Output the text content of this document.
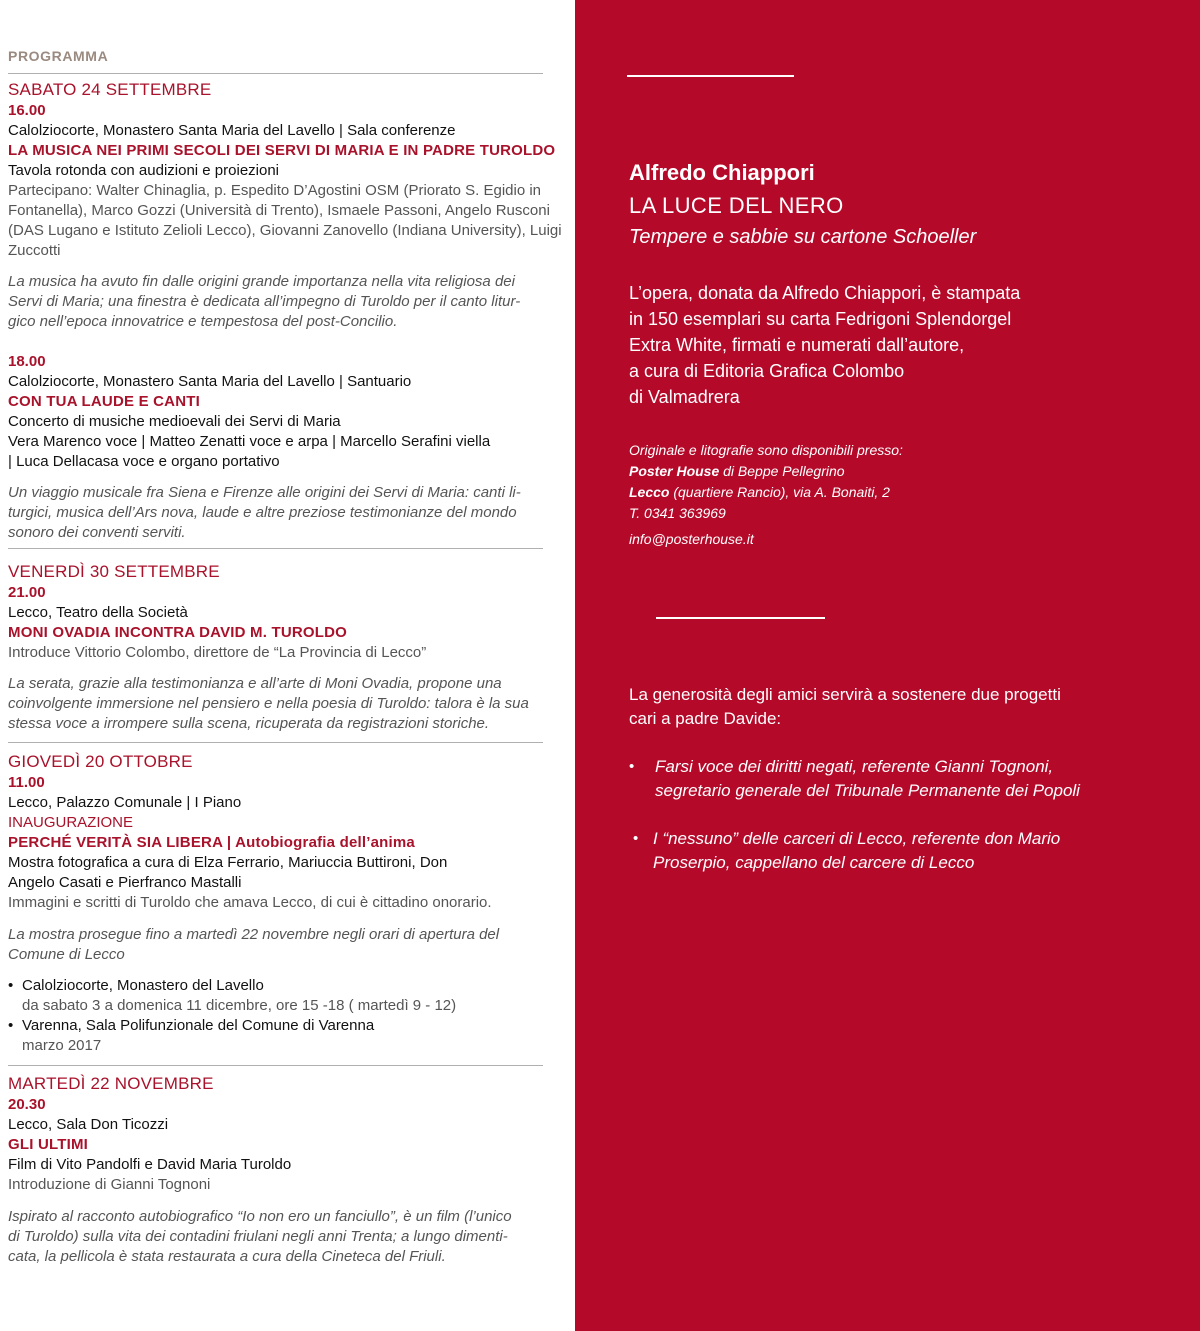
PROGRAMMA
SABATO 24 SETTEMBRE
16.00
Calolziocorte, Monastero Santa Maria del Lavello | Sala conferenze
LA MUSICA NEI PRIMI SECOLI DEI SERVI DI MARIA E IN PADRE TUROLDO
Tavola rotonda con audizioni e proiezioni
Partecipano: Walter Chinaglia, p. Espedito D’Agostini OSM (Priorato S. Egidio in
Fontanella), Marco Gozzi (Università di Trento), Ismaele Passoni, Angelo Rusconi
(DAS Lugano e Istituto Zelioli Lecco), Giovanni Zanovello (Indiana University), Luigi
Zuccotti
La musica ha avuto fin dalle origini grande importanza nella vita religiosa dei
Servi di Maria; una finestra è dedicata all’impegno di Turoldo per il canto litur-
gico nell’epoca innovatrice e tempestosa del post-Concilio.
18.00
Calolziocorte, Monastero Santa Maria del Lavello | Santuario
CON TUA LAUDE E CANTI
Concerto di musiche medioevali dei Servi di Maria
Vera Marenco voce | Matteo Zenatti voce e arpa | Marcello Serafini viella
| Luca Dellacasa voce e organo portativo
Un viaggio musicale fra Siena e Firenze alle origini dei Servi di Maria: canti li-
turgici, musica dell’Ars nova, laude e altre preziose testimonianze del mondo
sonoro dei conventi serviti.
VENERDÌ 30 SETTEMBRE
21.00
Lecco, Teatro della Società
MONI OVADIA INCONTRA DAVID M. TUROLDO
Introduce Vittorio Colombo, direttore de “La Provincia di Lecco”
La serata, grazie alla testimonianza e all’arte di Moni Ovadia, propone una
coinvolgente immersione nel pensiero e nella poesia di Turoldo: talora è la sua
stessa voce a irrompere sulla scena, ricuperata da registrazioni storiche.
GIOVEDÌ 20 OTTOBRE
11.00
Lecco, Palazzo Comunale | I Piano
INAUGURAZIONE
PERCHÉ VERITÀ SIA LIBERA | Autobiografia dell’anima
Mostra fotografica a cura di Elza Ferrario, Mariuccia Buttironi, Don
Angelo Casati e Pierfranco Mastalli
Immagini e scritti di Turoldo che amava Lecco, di cui è cittadino onorario.
La mostra prosegue fino a martedì 22 novembre negli orari di apertura del
Comune di Lecco
• Calolziocorte, Monastero del Lavello
da sabato 3 a domenica 11 dicembre, ore 15 -18 ( martedì 9 - 12)
• Varenna, Sala Polifunzionale del Comune di Varenna
marzo 2017
MARTEDÌ 22 NOVEMBRE
20.30
Lecco, Sala Don Ticozzi
GLI ULTIMI
Film di Vito Pandolfi e David Maria Turoldo
Introduzione di Gianni Tognoni
Ispirato al racconto autobiografico “Io non ero un fanciullo”, è un film (l’unico
di Turoldo) sulla vita dei contadini friulani negli anni Trenta; a lungo dimenti-
cata, la pellicola è stata restaurata a cura della Cineteca del Friuli.
Alfredo Chiappori
LA LUCE DEL NERO
Tempere e sabbie su cartone Schoeller
L’opera, donata da Alfredo Chiappori, è stampata
in 150 esemplari su carta Fedrigoni Splendorgel
Extra White, firmati e numerati dall’autore,
a cura di Editoria Grafica Colombo
di Valmadrera
Originale e litografie sono disponibili presso:
Poster House di Beppe Pellegrino
Lecco (quartiere Rancio), via A. Bonaiti, 2
T. 0341 363969
info@posterhouse.it
La generosità degli amici servirà a sostenere due progetti
cari a padre Davide:
• Farsi voce dei diritti negati, referente Gianni Tognoni,
segretario generale del Tribunale Permanente dei Popoli
• I “nessuno” delle carceri di Lecco, referente don Mario
Proserpio, cappellano del carcere di Lecco
